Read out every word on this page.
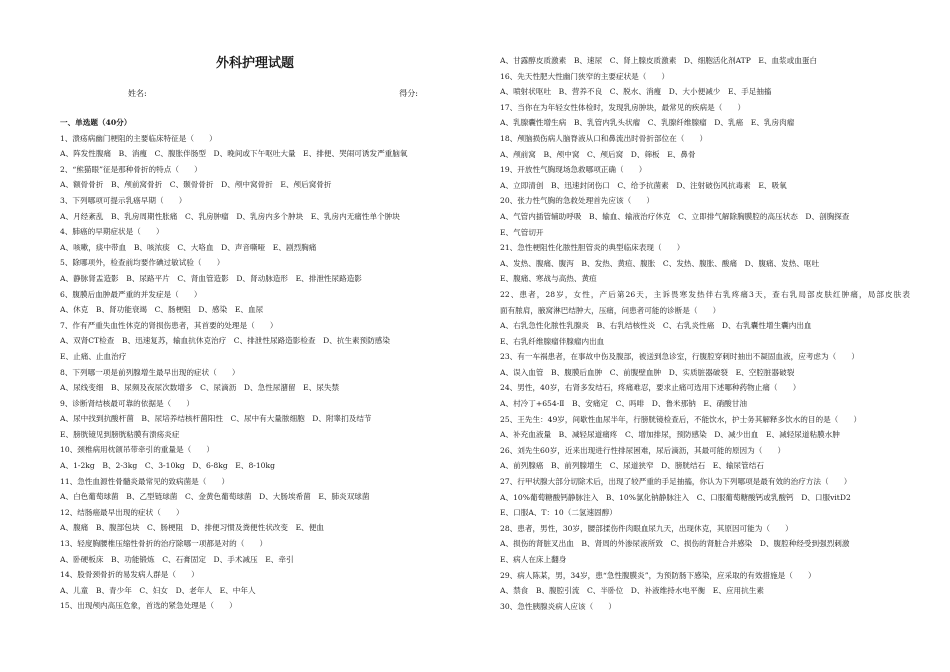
外科护理试题
姓名:	得分:
一、单选题（40分）
1、溃疡病幽门梗阻的主要临床特征是（　　）
A、阵发性腹痛　B、消瘦　C、腹胀伴肠型　D、晚间或下午呕吐大量　E、排便、哭闹可诱发严重脑氧
2、“熊猫眼”征是那种骨折的特点（　　）
A、额骨骨折　B、颅前窝骨折　C、颞骨骨折　D、颅中窝骨折　E、颅后窝骨折
3、下列哪项可提示乳癌早期（　　）
A、月经紊乱　B、乳房周期性胀痛　C、乳房肿瘤　D、乳房内多个肿块　E、乳房内无痛性单个肿块
4、肺癌的早期症状是（　　）
A、咳嗽，痰中带血　B、咳浓痰　C、大咯血　D、声音嘶哑　E、剧烈胸痛
5、除哪项外，检查前均要作碘过敏试验（　　）
A、静脉肾盂造影　B、尿路平片　C、肾血管造影　D、肾动脉造形　E、排泄性尿路造影
6、腹膜后血肿最严重的并发症是（　　）
A、休克　B、肾功能衰竭　C、肠梗阻　D、感染　E、血尿
7、作有严重失血性休克的肾损伤患者，其首要的处理是（　　）
A、双肾CT检查　B、迅速复苏，输血抗休克治疗　C、排泄性尿路造影检查　D、抗生素预防感染
E、止痛、止血治疗
8、下列哪一项是前列腺增生最早出现的症状（　　）
A、尿线变细　B、尿频及夜尿次数增多　C、尿滴沥　D、急性尿潴留　E、尿失禁
9、诊断肾结核最可靠的依据是（　　）
A、尿中找到抗酸杆菌　B、尿培养结核杆菌阳性　C、尿中有大量脓细胞　D、附睾扪及结节
E、膀胱镜见到膀胱粘膜有溃疡炎症
10、颈椎病用枕颌吊带牵引的重量是（　　）
A、1-2kg　B、2-3kg　C、3-10kg　D、6-8kg　E、8-10kg
11、急性血源性骨髓炎最常见的致病菌是（　　）
A、白色葡萄球菌　B、乙型链球菌　C、金黄色葡萄球菌　D、大肠埃希菌　E、肺炎双球菌
12、结肠癌最早出现的症状（　　）
A、腹痛　B、腹部包块　C、肠梗阻　D、排便习惯及粪便性状改变　E、便血
13、轻度胸腰椎压缩性骨折的治疗除哪一项都是对的（　　）
A、卧硬板床　B、功能锻炼　C、石膏固定　D、手术减压　E、牵引
14、股骨颈骨折的易发病人群是（　　）
A、儿童　B、青少年　C、妇女　D、老年人　E、中年人
15、出现颅内高压危象，首选的紧急处理是（　　）
A、甘露醇皮质激素　B、速尿　C、肾上腺皮质激素　D、细胞活化剂ATP　E、血浆或血蛋白
16、先天性肥大性幽门狭窄的主要症状是（　　）
A、喷射状呕吐　B、营养不良　C、脱水、消瘦　D、大小便减少　E、手足抽搐
17、当你在为年轻女性体检时，发现乳房肿块，最常见的疾病是（　　）
A、乳腺囊性增生病　B、乳管内乳头状瘤　C、乳腺纤维腺瘤　D、乳癌　E、乳房肉瘤
18、颅脑损伤病人脑脊液从口和鼻流出时骨折部位在（　　）
A、颅前窝　B、颅中窝　C、颅后窝　D、筛板　E、鼻骨
19、开放性气胸现场急救哪项正确（　　）
A、立即清创　B、迅速封闭伤口　C、给予抗菌素　D、注射破伤风抗毒素　E、吸氧
20、张力性气胸的急救处理首先应该（　　）
A、气管内插管辅助呼吸　B、输血、输液治疗休克　C、立即排气解除胸膜腔的高压状态　D、剖胸探查
E、气管切开
21、急性梗阻性化脓性胆管炎的典型临床表现（　　）
A、发热、腹痛、腹泻　B、发热、黄疸、腹胀　C、发热、腹胀、酸痛　D、腹痛、发热、呕吐
E、腹痛、寒战与高热、黄疸
22、患者，28岁，女性，产后第26天，主诉畏寒发热伴右乳疼痛3天，查右乳局部皮肤红肿痛，局部皮肤表
面有脓肩，腋窝淋巴结肿大，压痛，问患者可能的诊断是（　　）
A、右乳急性化脓性乳腺炎　B、右乳结核性炎　C、右乳炎性癌　D、右乳囊性增生囊内出血
E、右乳纤维腺瘤伴腺瘤内出血
23、有一车祸患者，在事故中伤及腹部，被送到急诊室，行腹腔穿刺时抽出不凝固血液，应考虑为（　　）
A、误入血管　B、腹膜后血肿　C、前腹壁血肿　D、实质脏器破裂　E、空腔脏器破裂
24、男性，40岁，右肾多发结石，疼痛难忍，要求止痛可选用下述哪种药物止痛（　　）
A、村冷丁+654-Ⅱ　B、安痛定　C、吗啡　D、鲁米那钠　E、硝酸甘油
25、王先生：49岁，间歇性血尿半年，行膀胱镜检查后，不能饮水，护士务其解释多饮水的目的是（　　）
A、补充血液量　B、减轻尿道痛疼　C、增加排尿，预防感染　D、减少出血　E、减轻尿道粘膜水肿
26、刘先生60岁，近来出现进行性排尿困难，尿后滴沥，其最可能的原因为（　　）
A、前列腺癌　B、前列腺增生　C、尿道狭窄　D、膀胱结石　E、输尿管结石
27、行甲状腺大部分切除术后，出现了较严重的手足抽搐，你认为下列哪项是最有效的治疗方法（　　）
A、10%葡萄糖酸钙静脉注入　B、10%氯化钠静脉注入　C、口服葡萄糖酸钙或乳酸钙　D、口服vitD2
E、口服A、T：10（二氢速固醇）
28、患者，男性，30岁，腰部揉伤件肉眼血尿九天，出现休克，其原因可能为（　　）
A、损伤的肾脏叉出血　B、肾周的外渗尿液所致　C、损伤的肾脏合并感染　D、腹腔种经受到强烈刺激
E、病人在床上翻身
29、病人陈某，男，34岁，患“急性腹膜炎”，为预防肠下感染，应采取的有效措施是（　　）
A、禁食　B、腹腔引流　C、半卧位　D、补液维持水电平衡　E、应用抗生素
30、急性胰腺炎病人应该（　　）
